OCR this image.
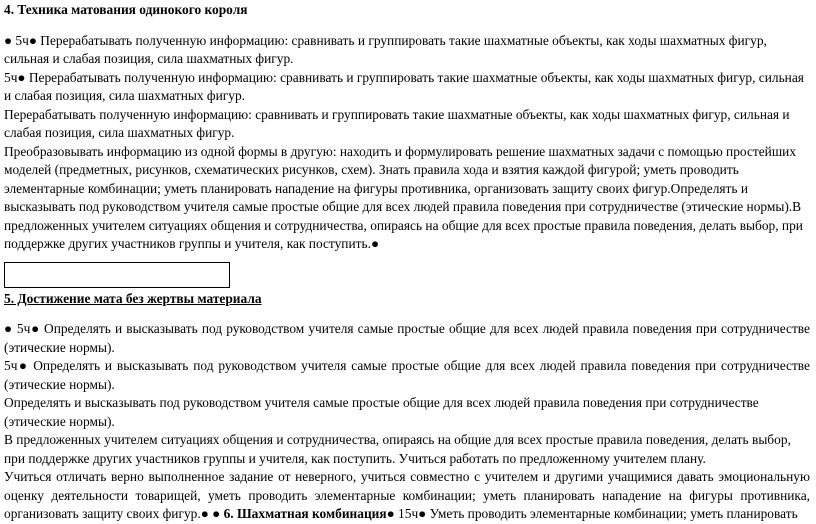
4. Техника матования одинокого короля

● 5ч● Перерабатывать полученную информацию: сравнивать и группировать такие шахматные объекты, как ходы шахматных фигур, сильная и слабая позиция, сила шахматных фигур.

5ч● Перерабатывать полученную информацию: сравнивать и группировать такие шахматные объекты, как ходы шахматных фигур, сильная и слабая позиция, сила шахматных фигур.

Перерабатывать полученную информацию: сравнивать и группировать такие шахматные объекты, как ходы шахматных фигур, сильная и слабая позиция, сила шахматных фигур.

Преобразовывать информацию из одной формы в другую: находить и формулировать решение шахматных задачи с помощью простейших моделей (предметных, рисунков, схематических рисунков, схем). Знать правила хода и взятия каждой фигурой; уметь проводить элементарные комбинации; уметь планировать нападение на фигуры противника, организовать защиту своих фигур.Определять и высказывать под руководством учителя самые простые общие для всех людей правила поведения при сотрудничестве (этические нормы).В предложенных учителем ситуациях общения и сотрудничества, опираясь на общие для всех простые правила поведения, делать выбор, при поддержке других участников группы и учителя, как поступить.●

5. Достижение мата без жертвы материала

● 5ч● Определять и высказывать под руководством учителя самые простые общие для всех людей правила поведения при сотрудничестве (этические нормы).

5ч● Определять и высказывать под руководством учителя самые простые общие для всех людей правила поведения при сотрудничестве (этические нормы).

Определять и высказывать под руководством учителя самые простые общие для всех людей правила поведения при сотрудничестве (этические нормы).

В предложенных учителем ситуациях общения и сотрудничества, опираясь на общие для всех простые правила поведения, делать выбор, при поддержке других участников группы и учителя, как поступить. Учиться работать по предложенному учителем плану.

Учиться отличать верно выполненное задание от неверного, учиться совместно с учителем и другими учащимися давать эмоциональную оценку деятельности товарищей, уметь проводить элементарные комбинации; уметь планировать нападение на фигуры противника, организовать защиту своих фигур.● ● 6. Шахматная комбинация● 15ч● Уметь проводить элементарные комбинации; уметь планировать
